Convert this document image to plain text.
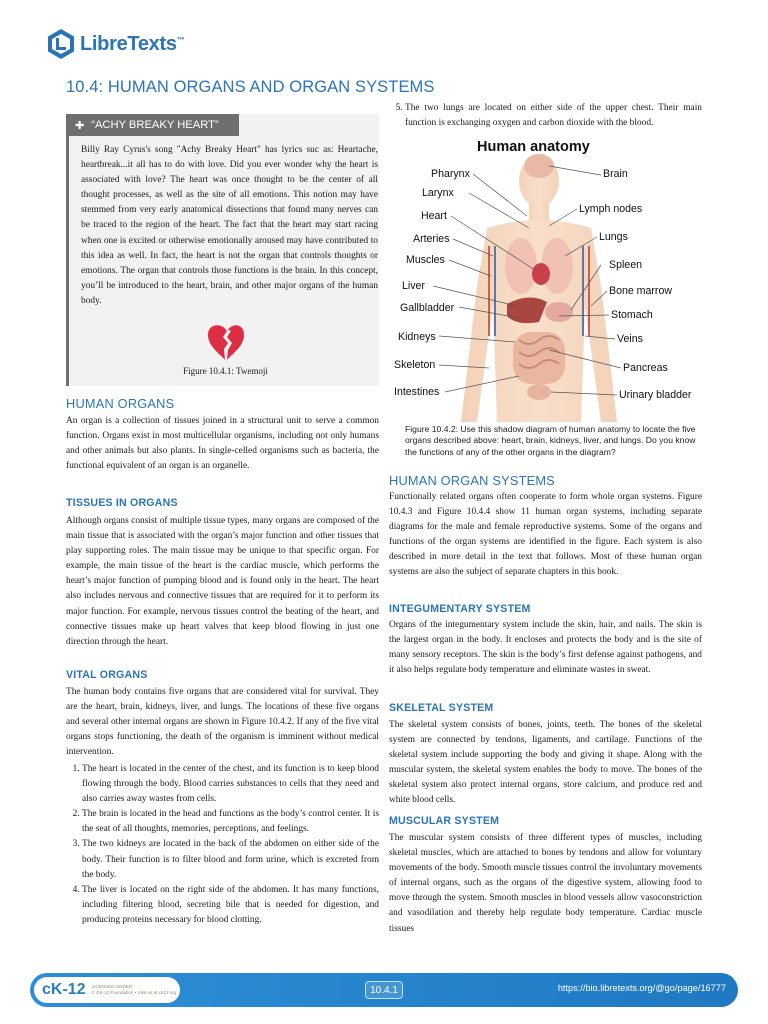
LibreTexts™
10.4: HUMAN ORGANS AND ORGAN SYSTEMS
✚ “ACHY BREAKY HEART”
Billy Ray Cyrus's song "Achy Breaky Heart" has lyrics suc as: Heartache, heartbreak...it all has to do with love. Did you ever wonder why the heart is associated with love? The heart was once thought to be the center of all thought processes, as well as the site of all emotions. This notion may have stemmed from very early anatomical dissections that found many nerves can be traced to the region of the heart. The fact that the heart may start racing when one is excited or otherwise emotionally aroused may have contributed to this idea as well. In fact, the heart is not the organ that controls thoughts or emotions. The organ that controls those functions is the brain. In this concept, you’ll be introduced to the heart, brain, and other major organs of the human body.
Figure 10.4.1: Twemoji
HUMAN ORGANS

An organ is a collection of tissues joined in a structural unit to serve a common function. Organs exist in most multicellular organisms, including not only humans and other animals but also plants. In single-celled organisms such as bacteria, the functional equivalent of an organ is an organelle.

TISSUES IN ORGANS

Although organs consist of multiple tissue types, many organs are composed of the main tissue that is associated with the organ’s major function and other tissues that play supporting roles. The main tissue may be unique to that specific organ. For example, the main tissue of the heart is the cardiac muscle, which performs the heart’s major function of pumping blood and is found only in the heart. The heart also includes nervous and connective tissues that are required for it to perform its major function. For example, nervous tissues control the beating of the heart, and connective tissues make up heart valves that keep blood flowing in just one direction through the heart.

VITAL ORGANS

The human body contains five organs that are considered vital for survival. They are the heart, brain, kidneys, liver, and lungs. The locations of these five organs and several other internal organs are shown in Figure 10.4.2. If any of the five vital organs stops functioning, the death of the organism is imminent without medical intervention.

1. The heart is located in the center of the chest, and its function is to keep blood flowing through the body. Blood carries substances to cells that they need and also carries away wastes from cells.
2. The brain is located in the head and functions as the body’s control center. It is the seat of all thoughts, memories, perceptions, and feelings.
3. The two kidneys are located in the back of the abdomen on either side of the body. Their function is to filter blood and form urine, which is excreted from the body.
4. The liver is located on the right side of the abdomen. It has many functions, including filtering blood, secreting bile that is needed for digestion, and producing proteins necessary for blood clotting.
5. The two lungs are located on either side of the upper chest. Their main function is exchanging oxygen and carbon dioxide with the blood.
Human anatomy
Pharynx
Larynx
Heart
Arteries
Muscles
Liver
Gallbladder
Kidneys
Skeleton
Intestines
Brain
Lymph nodes
Lungs
Spleen
Bone marrow
Stomach
Veins
Pancreas
Urinary bladder
Figure 10.4.2: Use this shadow diagram of human anatomy to locate the five organs described above: heart, brain, kidneys, liver, and lungs. Do you know the functions of any of the other organs in the diagram?
HUMAN ORGAN SYSTEMS

Functionally related organs often cooperate to form whole organ systems. Figure 10.4.3 and Figure 10.4.4 show 11 human organ systems, including separate diagrams for the male and female reproductive systems. Some of the organs and functions of the organ systems are identified in the figure. Each system is also described in more detail in the text that follows. Most of these human organ systems are also the subject of separate chapters in this book.

INTEGUMENTARY SYSTEM

Organs of the integumentary system include the skin, hair, and nails. The skin is the largest organ in the body. It encloses and protects the body and is the site of many sensory receptors. The skin is the body’s first defense against pathogens, and it also helps regulate body temperature and eliminate wastes in sweat.

SKELETAL SYSTEM

The skeletal system consists of bones, joints, teeth. The bones of the skeletal system are connected by tendons, ligaments, and cartilage. Functions of the skeletal system include supporting the body and giving it shape. Along with the muscular system, the skeletal system enables the body to move. The bones of the skeletal system also protect internal organs, store calcium, and produce red and white blood cells.

MUSCULAR SYSTEM

The muscular system consists of three different types of muscles, including skeletal muscles, which are attached to bones by tendons and allow for voluntary movements of the body. Smooth muscle tissues control the involuntary movements of internal organs, such as the organs of the digestive system, allowing food to move through the system. Smooth muscles in blood vessels allow vasoconstriction and vasodilation and thereby help regulate body temperature. Cardiac muscle tissues

cK-12 LICENSED UNDER
© CK-12 Foundation • Visit us at ck12.org	10.4.1	https://bio.libretexts.org/@go/page/16777
